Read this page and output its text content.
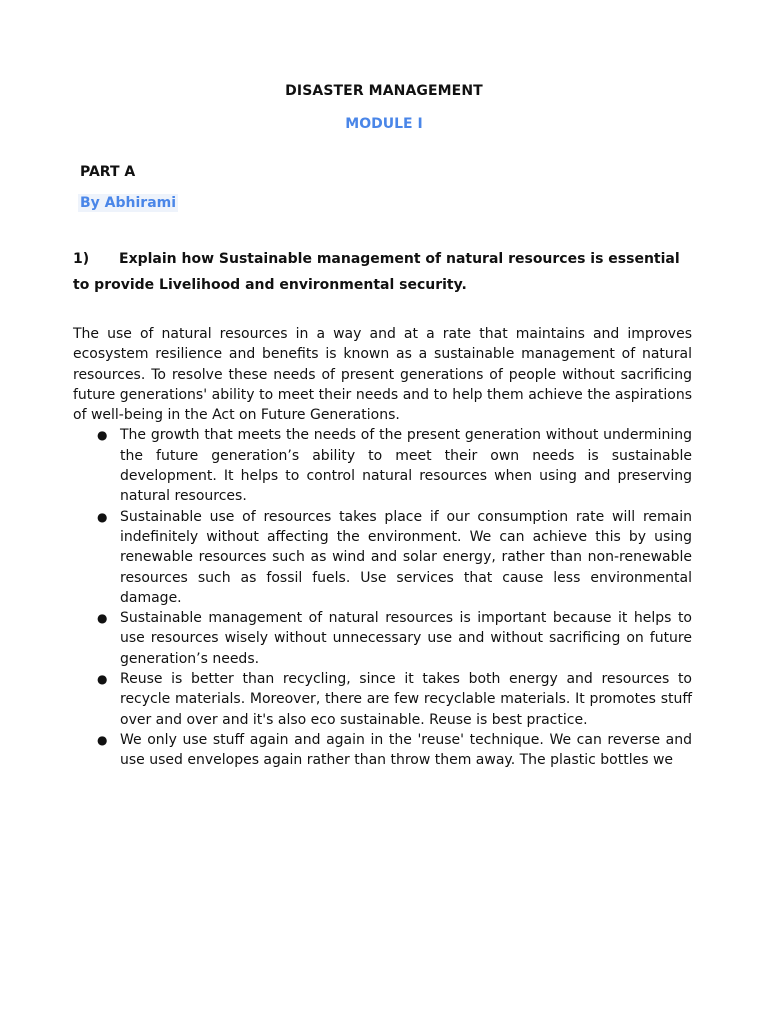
DISASTER MANAGEMENT
MODULE I
PART A
By Abhirami
1) Explain how Sustainable management of natural resources is essential to provide Livelihood and environmental security.

The use of natural resources in a way and at a rate that maintains and improves ecosystem resilience and benefits is known as a sustainable management of natural resources. To resolve these needs of present generations of people without sacrificing future generations' ability to meet their needs and to help them achieve the aspirations of well-being in the Act on Future Generations.

● The growth that meets the needs of the present generation without undermining the future generation’s ability to meet their own needs is sustainable development. It helps to control natural resources when using and preserving natural resources.
● Sustainable use of resources takes place if our consumption rate will remain indefinitely without affecting the environment. We can achieve this by using renewable resources such as wind and solar energy, rather than non-renewable resources such as fossil fuels. Use services that cause less environmental damage.
● Sustainable management of natural resources is important because it helps to use resources wisely without unnecessary use and without sacrificing on future generation’s needs.
● Reuse is better than recycling, since it takes both energy and resources to recycle materials. Moreover, there are few recyclable materials. It promotes stuff over and over and it's also eco sustainable. Reuse is best practice.
● We only use stuff again and again in the 'reuse' technique. We can reverse and use used envelopes again rather than throw them away. The plastic bottles we
